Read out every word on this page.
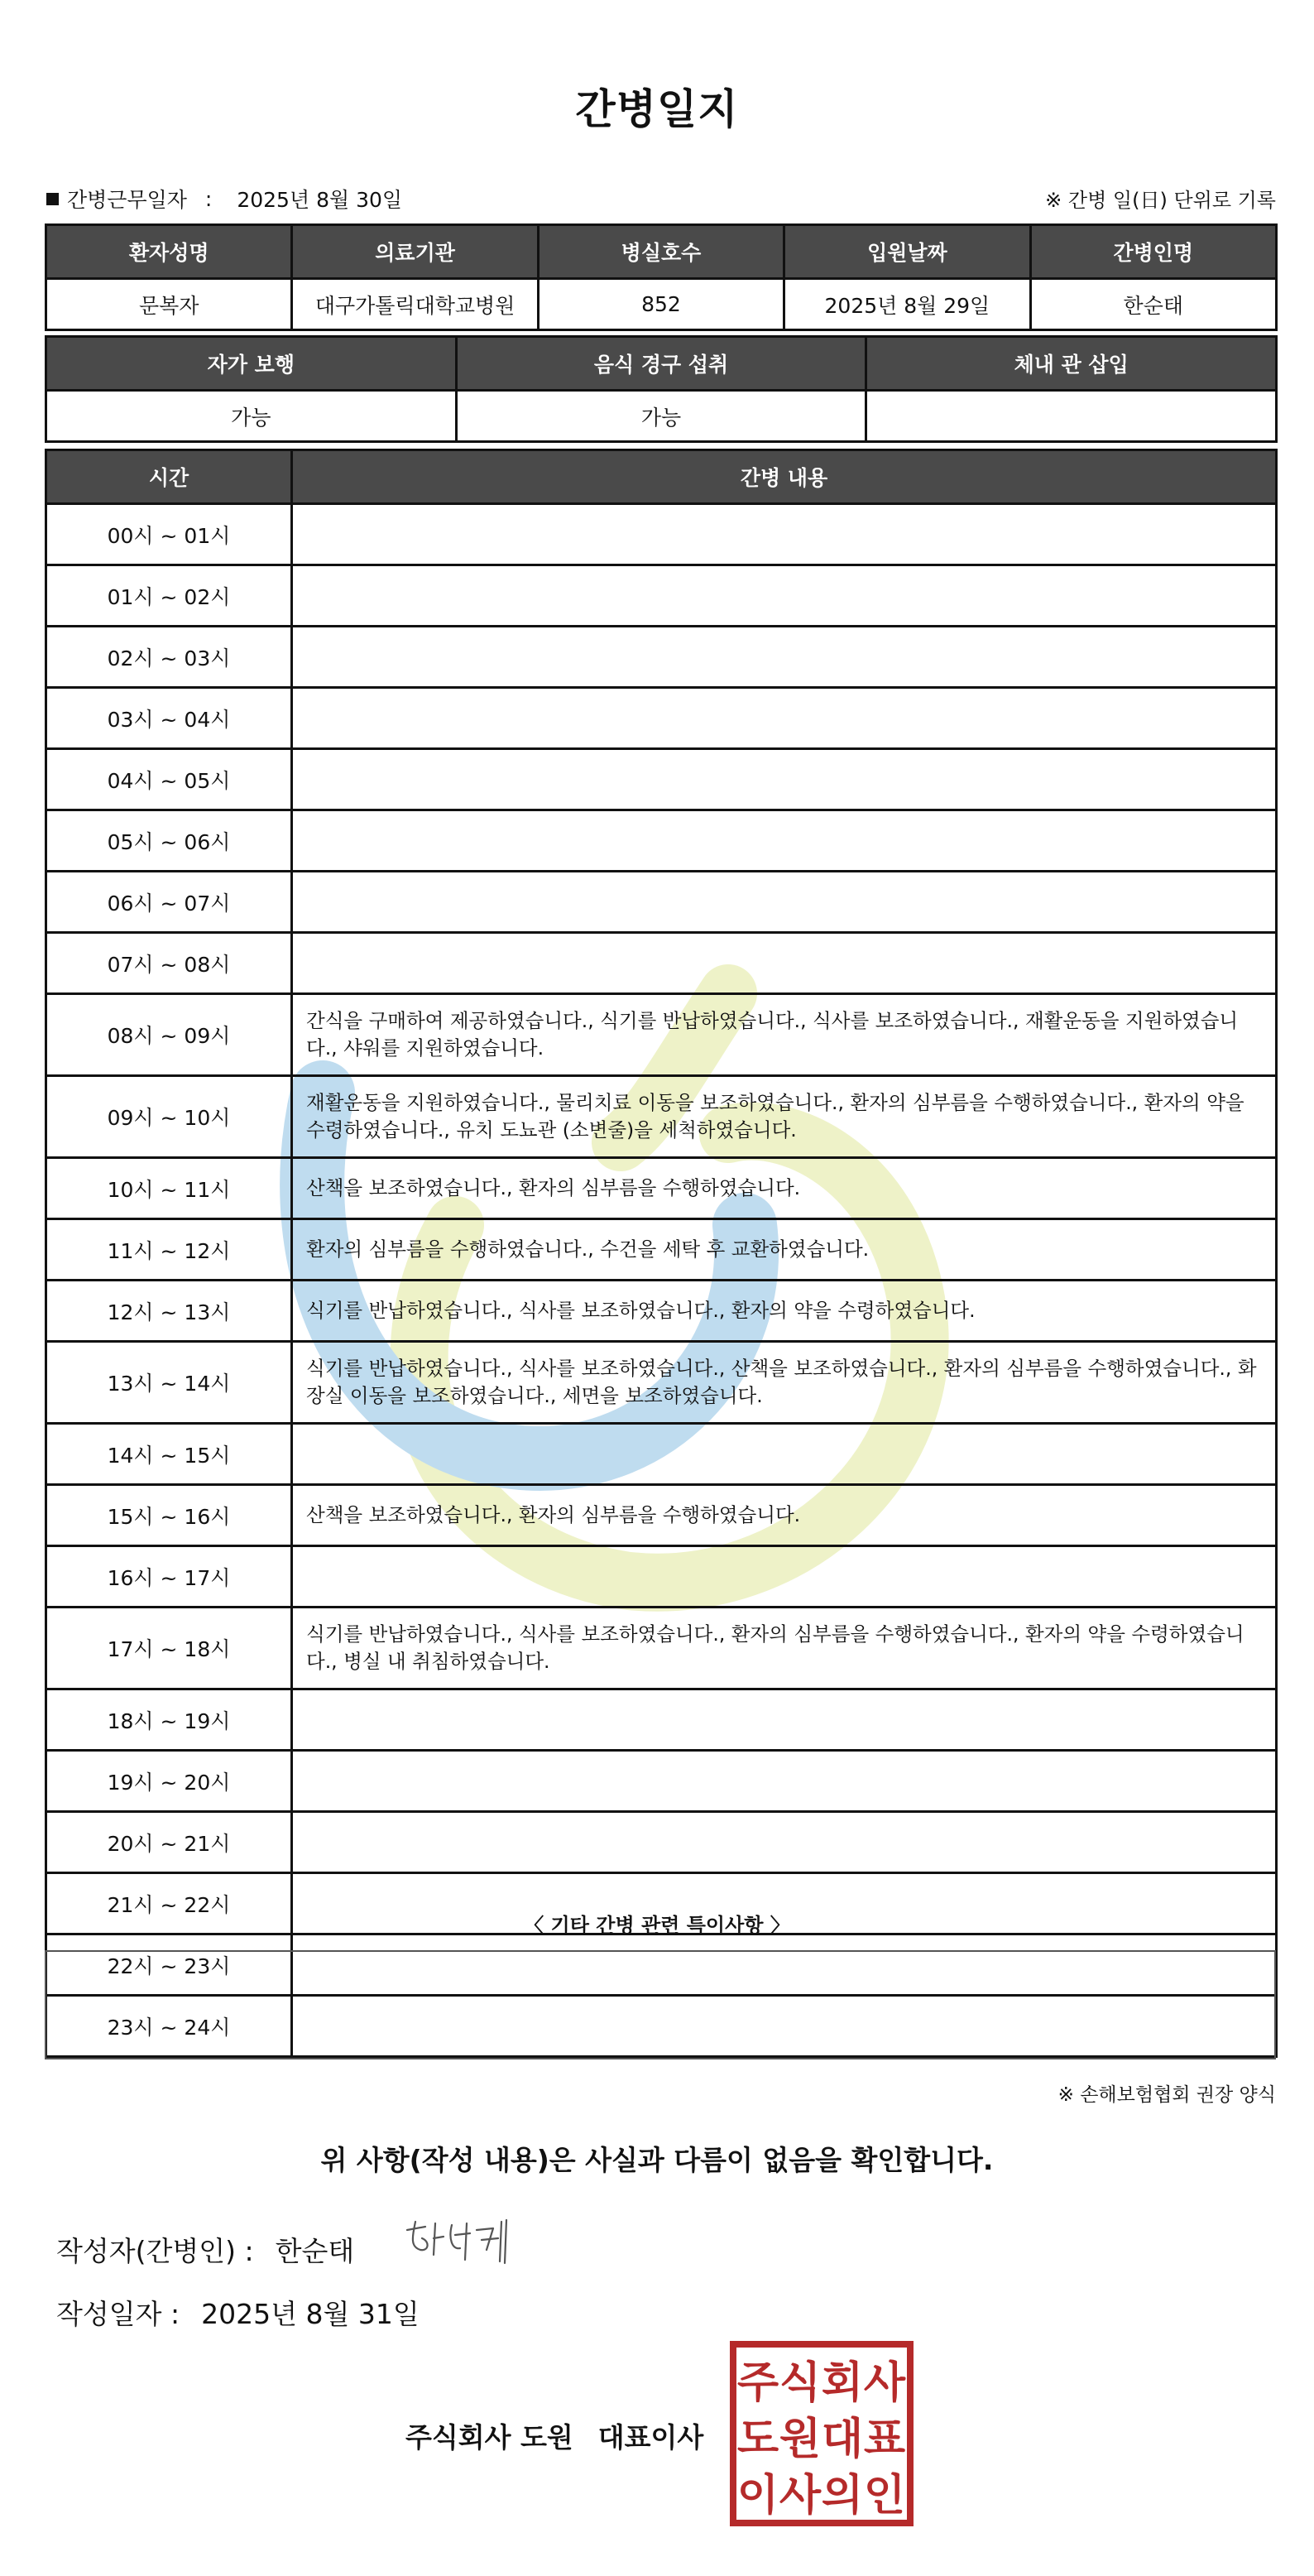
간병일지
간병근무일자 : 2025년 8월 30일	※ 간병 일(日) 단위로 기록
환자성명	의료기관	병실호수	입원날짜	간병인명
문복자	대구가톨릭대학교병원	852	2025년 8월 29일	한순태
자가 보행	음식 경구 섭취	체내 관 삽입
가능	가능	
시간	간병 내용
00시 ~ 01시	
01시 ~ 02시	
02시 ~ 03시	
03시 ~ 04시	
04시 ~ 05시	
05시 ~ 06시	
06시 ~ 07시	
07시 ~ 08시	
08시 ~ 09시	간식을 구매하여 제공하였습니다., 식기를 반납하였습니다., 식사를 보조하였습니다., 재활운동을 지원하였습니다., 샤워를 지원하였습니다.
09시 ~ 10시	재활운동을 지원하였습니다., 물리치료 이동을 보조하였습니다., 환자의 심부름을 수행하였습니다., 환자의 약을 수령하였습니다., 유치 도뇨관 (소변줄)을 세척하였습니다.
10시 ~ 11시	산책을 보조하였습니다., 환자의 심부름을 수행하였습니다.
11시 ~ 12시	환자의 심부름을 수행하였습니다., 수건을 세탁 후 교환하였습니다.
12시 ~ 13시	식기를 반납하였습니다., 식사를 보조하였습니다., 환자의 약을 수령하였습니다.
13시 ~ 14시	식기를 반납하였습니다., 식사를 보조하였습니다., 산책을 보조하였습니다., 환자의 심부름을 수행하였습니다., 화장실 이동을 보조하였습니다., 세면을 보조하였습니다.
14시 ~ 15시	
15시 ~ 16시	산책을 보조하였습니다., 환자의 심부름을 수행하였습니다.
16시 ~ 17시	
17시 ~ 18시	식기를 반납하였습니다., 식사를 보조하였습니다., 환자의 심부름을 수행하였습니다., 환자의 약을 수령하였습니다., 병실 내 취침하였습니다.
18시 ~ 19시	
19시 ~ 20시	
20시 ~ 21시	
21시 ~ 22시	
22시 ~ 23시	
23시 ~ 24시	
〈 기타 간병 관련 특이사항 〉
※ 손해보험협회 권장 양식
위 사항(작성 내용)은 사실과 다름이 없음을 확인합니다.
작성자(간병인) : 한순태
작성일자 : 2025년 8월 31일
주식회사 도원 대표이사
주 식 회 사
도 원 대 표
이 사 의 인
